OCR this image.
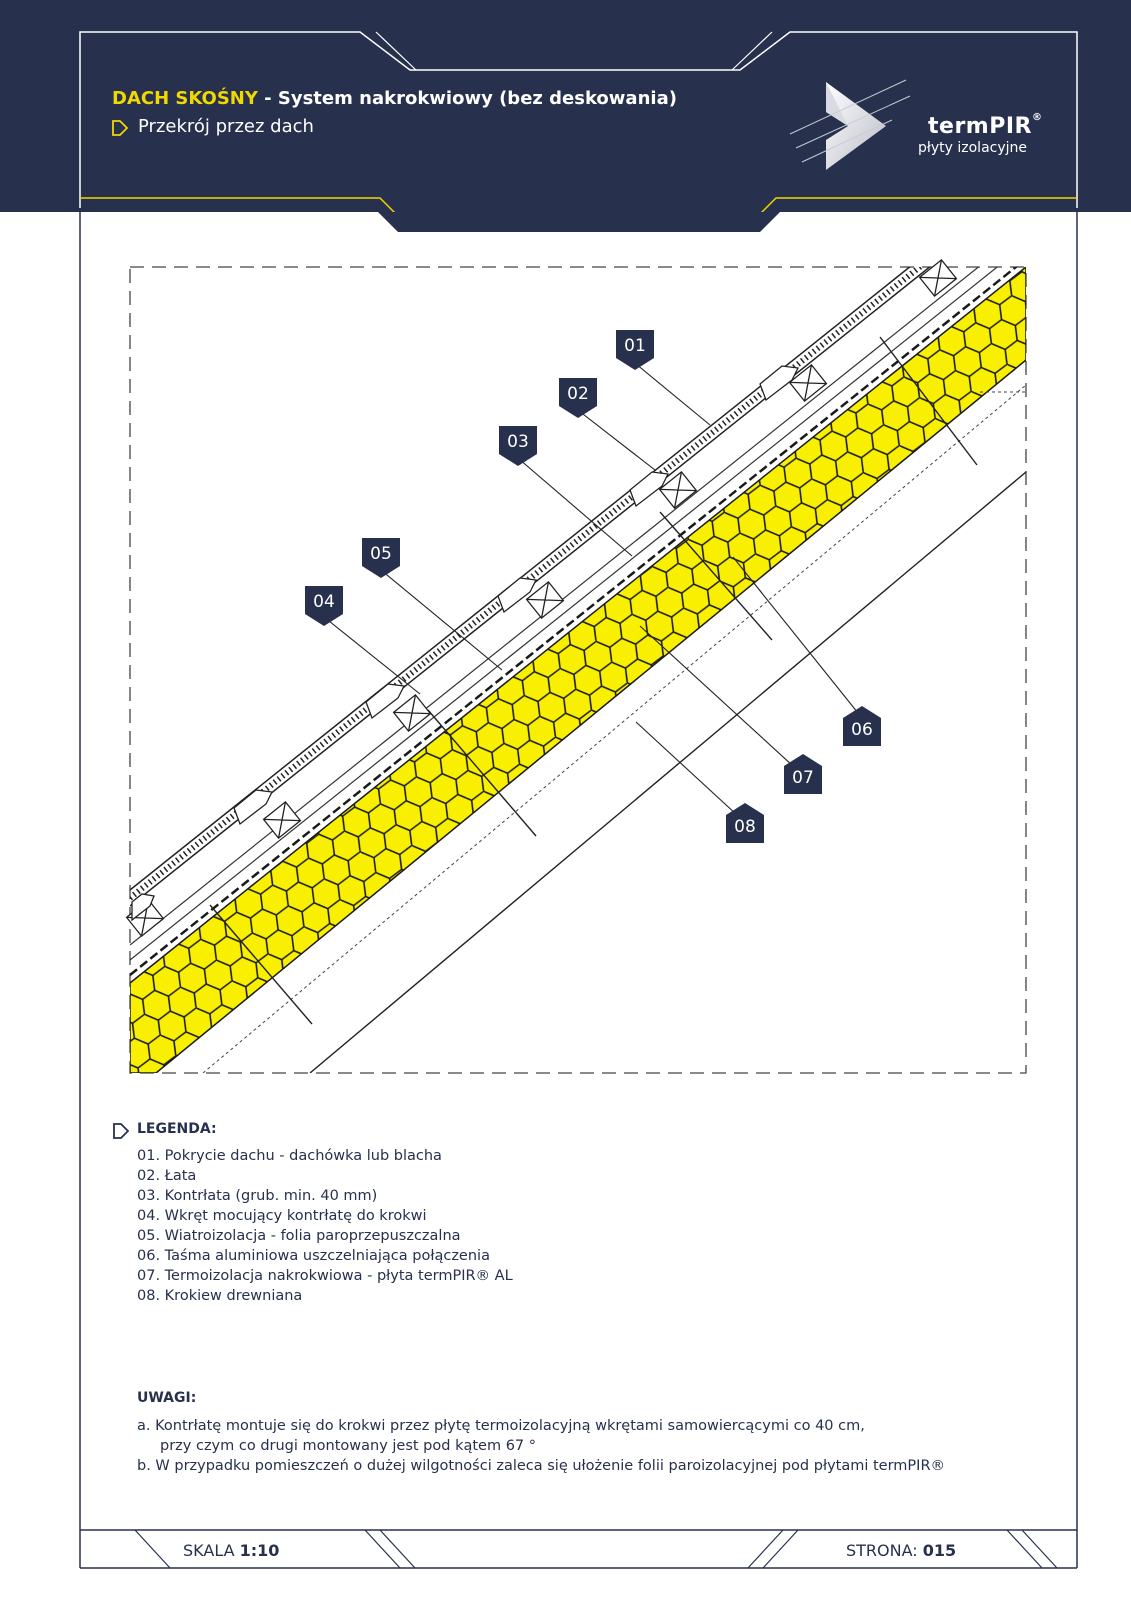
DACH SKOŚNY - System nakrokwiowy (bez deskowania)
Przekrój przez dach	termPIR®
płyty izolacyjne
01
02
03
04
05
06
07
08
LEGENDA:
01. Pokrycie dachu - dachówka lub blacha
02. Łata
03. Kontrłata (grub. min. 40 mm)
04. Wkręt mocujący kontrłatę do krokwi
05. Wiatroizolacja - folia paroprzepuszczalna
06. Taśma aluminiowa uszczelniająca połączenia
07. Termoizolacja nakrokwiowa - płyta termPIR® AL
08. Krokiew drewniana
UWAGI:
a. Kontrłatę montuje się do krokwi przez płytę termoizolacyjną wkrętami samowiercącymi co 40 cm,
przy czym co drugi montowany jest pod kątem 67 °
b. W przypadku pomieszczeń o dużej wilgotności zaleca się ułożenie folii paroizolacyjnej pod płytami termPIR®
SKALA 1:10	STRONA: 015
